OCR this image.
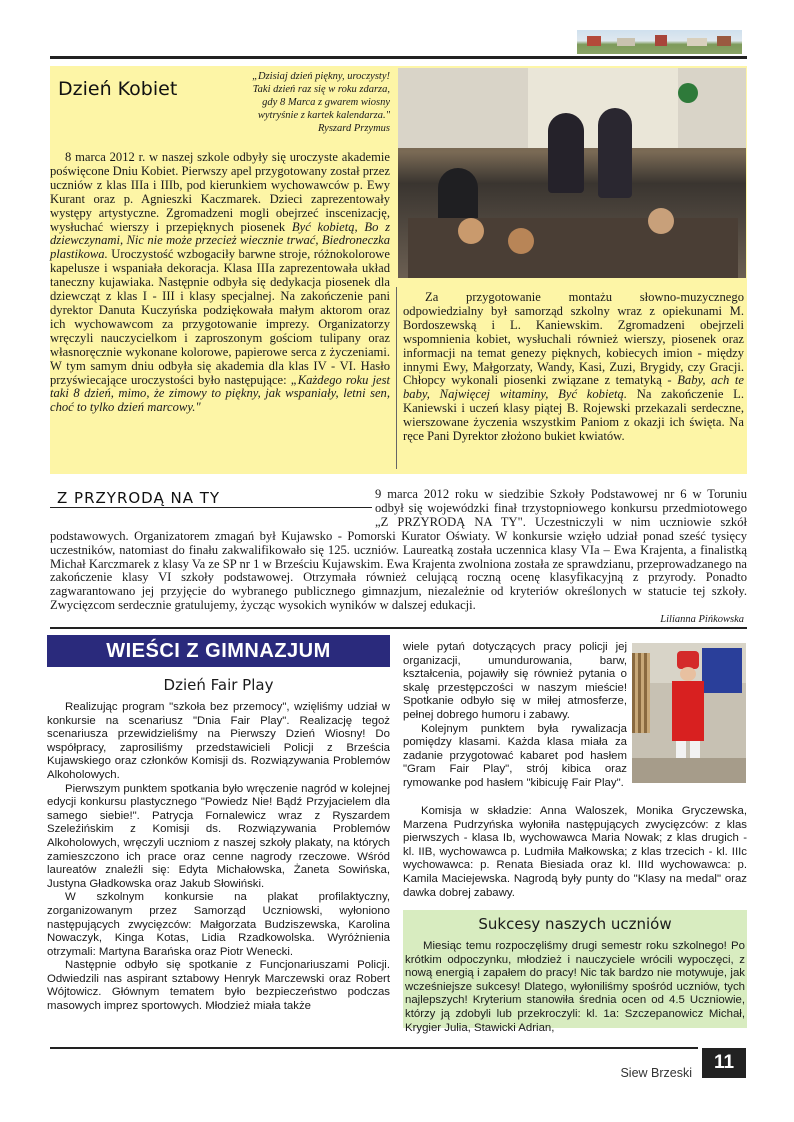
Dzień Kobiet
„Dzisiaj dzień piękny, uroczysty!
Taki dzień raz się w roku zdarza,
gdy 8 Marca z gwarem wiosny
wytryśnie z kartek kalendarza."
Ryszard Przymus

8 marca 2012 r. w naszej szkole odbyły się uroczyste akademie poświęcone Dniu Kobiet. Pierwszy apel przygotowany został przez uczniów z klas IIIa i IIIb, pod kierunkiem wychowawców p. Ewy Kurant oraz p. Agnieszki Kaczmarek. Dzieci zaprezentowały występy artystyczne. Zgromadzeni mogli obejrzeć inscenizację, wysłuchać wierszy i przepięknych piosenek Być kobietą, Bo z dziewczynami, Nic nie może przecież wiecznie trwać, Biedroneczka plastikowa. Uroczystość wzbogaciły barwne stroje, różnokolorowe kapelusze i wspaniała dekoracja. Klasa IIIa zaprezentowała układ taneczny kujawiaka. Następnie odbyła się dedykacja piosenek dla dziewcząt z klas I - III i klasy specjalnej. Na zakończenie pani dyrektor Danuta Kuczyńska podziękowała małym aktorom oraz ich wychowawcom za przygotowanie imprezy. Organizatorzy wręczyli nauczycielkom i zaproszonym gościom tulipany oraz własnoręcznie wykonane kolorowe, papierowe serca z życzeniami. W tym samym dniu odbyła się akademia dla klas IV - VI. Hasło przyświecające uroczystości było następujące: „Każdego roku jest taki 8 dzień, mimo, że zimowy to piękny, jak wspaniały, letni sen, choć to tylko dzień marcowy."

Za przygotowanie montażu słowno-muzycznego odpowiedzialny był samorząd szkolny wraz z opiekunami M. Bordoszewską i L. Kaniewskim. Zgromadzeni obejrzeli wspomnienia kobiet, wysłuchali również wierszy, piosenek oraz informacji na temat genezy pięknych, kobiecych imion - między innymi Ewy, Małgorzaty, Wandy, Kasi, Zuzi, Brygidy, czy Gracji. Chłopcy wykonali piosenki związane z tematyką - Baby, ach te baby, Najwięcej witaminy, Być kobietą. Na zakończenie L. Kaniewski i uczeń klasy piątej B. Rojewski przekazali serdeczne, wierszowane życzenia wszystkim Paniom z okazji ich święta. Na ręce Pani Dyrektor złożono bukiet kwiatów.

Z PRZYRODĄ NA TY	9 marca 2012 roku w siedzibie Szkoły Podstawowej nr 6 w Toruniu odbył się wojewódzki finał trzystopniowego konkursu przedmiotowego „Z PRZYRODĄ NA TY". Uczestniczyli w nim uczniowie szkół podstawowych. Organizatorem zmagań był Kujawsko - Pomorski Kurator Oświaty. W konkursie wzięło udział ponad sześć tysięcy uczestników, natomiast do finału zakwalifikowało się 125. uczniów. Laureatką została uczennica klasy VIa – Ewa Krajenta, a finalistką Michał Karczmarek z klasy Va ze SP nr 1 w Brześciu Kujawskim. Ewa Krajenta zwolniona została ze sprawdzianu, przeprowadzanego na zakończenie klasy VI szkoły podstawowej. Otrzymała również celującą roczną ocenę klasyfikacyjną z przyrody. Ponadto zagwarantowano jej przyjęcie do wybranego publicznego gimnazjum, niezależnie od kryteriów określonych w statucie tej szkoły. Zwycięzcom serdecznie gratulujemy, życząc wysokich wyników w dalszej edukacji.

Lilianna Pińkowska
WIEŚCI Z GIMNAZJUM
Dzień Fair Play

Realizując program "szkoła bez przemocy", wzięliśmy udział w konkursie na scenariusz "Dnia Fair Play". Realizację tegoż scenariusza przewidzieliśmy na Pierwszy Dzień Wiosny! Do współpracy, zaprosiliśmy przedstawicieli Policji z Brześcia Kujawskiego oraz członków Komisji ds. Rozwiązywania Problemów Alkoholowych.

Pierwszym punktem spotkania było wręczenie nagród w kolejnej edycji konkursu plastycznego "Powiedz Nie! Bądź Przyjacielem dla samego siebie!". Patrycja Fornalewicz wraz z Ryszardem Szeleźińskim z Komisji ds. Rozwiązywania Problemów Alkoholowych, wręczyli uczniom z naszej szkoły plakaty, na których zamieszczono ich prace oraz cenne nagrody rzeczowe. Wśród laureatów znaleźli się: Edyta Michałowska, Żaneta Sowińska, Justyna Gładkowska oraz Jakub Słowiński.

W szkolnym konkursie na plakat profilaktyczny, zorganizowanym przez Samorząd Uczniowski, wyłoniono następujących zwycięzców: Małgorzata Budziszewska, Karolina Nowaczyk, Kinga Kotas, Lidia Rzadkowolska. Wyróżnienia otrzymali: Martyna Barańska oraz Piotr Wenecki.

Następnie odbyło się spotkanie z Funcjonariuszami Policji. Odwiedzili nas aspirant sztabowy Henryk Marczewski oraz Robert Wójtowicz. Głównym tematem było bezpieczeństwo podczas masowych imprez sportowych. Młodzież miała także

wiele pytań dotyczących pracy policji jej organizacji, umundurowania, barw, kształcenia, pojawiły się również pytania o skalę przestępczości w naszym mieście! Spotkanie odbyło się w miłej atmosferze, pełnej dobrego humoru i zabawy.

Kolejnym punktem była rywalizacja pomiędzy klasami. Każda klasa miała za zadanie przygotować kabaret pod hasłem "Gram Fair Play", strój kibica oraz rymowanke pod hasłem "kibicuję Fair Play".

Komisja w składzie: Anna Waloszek, Monika Gryczewska, Marzena Pudrzyńska wyłoniła następujących zwycięzców: z klas pierwszych - klasa Ib, wychowawca Maria Nowak; z klas drugich - kl. IIB, wychowawca p. Ludmiła Małkowska; z klas trzecich - kl. IIIc wychowawca: p. Renata Biesiada oraz kl. IIId wychowawca: p. Kamila Maciejewska. Nagrodą były punty do "Klasy na medal" oraz dawka dobrej zabawy.

Sukcesy naszych uczniów

Miesiąc temu rozpoczęliśmy drugi semestr roku szkolnego! Po krótkim odpoczynku, młodzież i nauczyciele wrócili wypoczęci, z nową energią i zapałem do pracy! Nic tak bardzo nie motywuje, jak wcześniejsze sukcesy! Dlatego, wyłoniliśmy spośród uczniów, tych najlepszych! Kryterium stanowiła średnia ocen od 4.5 Uczniowie, którzy ją zdobyli lub przekroczyli: kl. 1a: Szczepanowicz Michał, Krygier Julia, Stawicki Adrian,

Siew Brzeski	11
